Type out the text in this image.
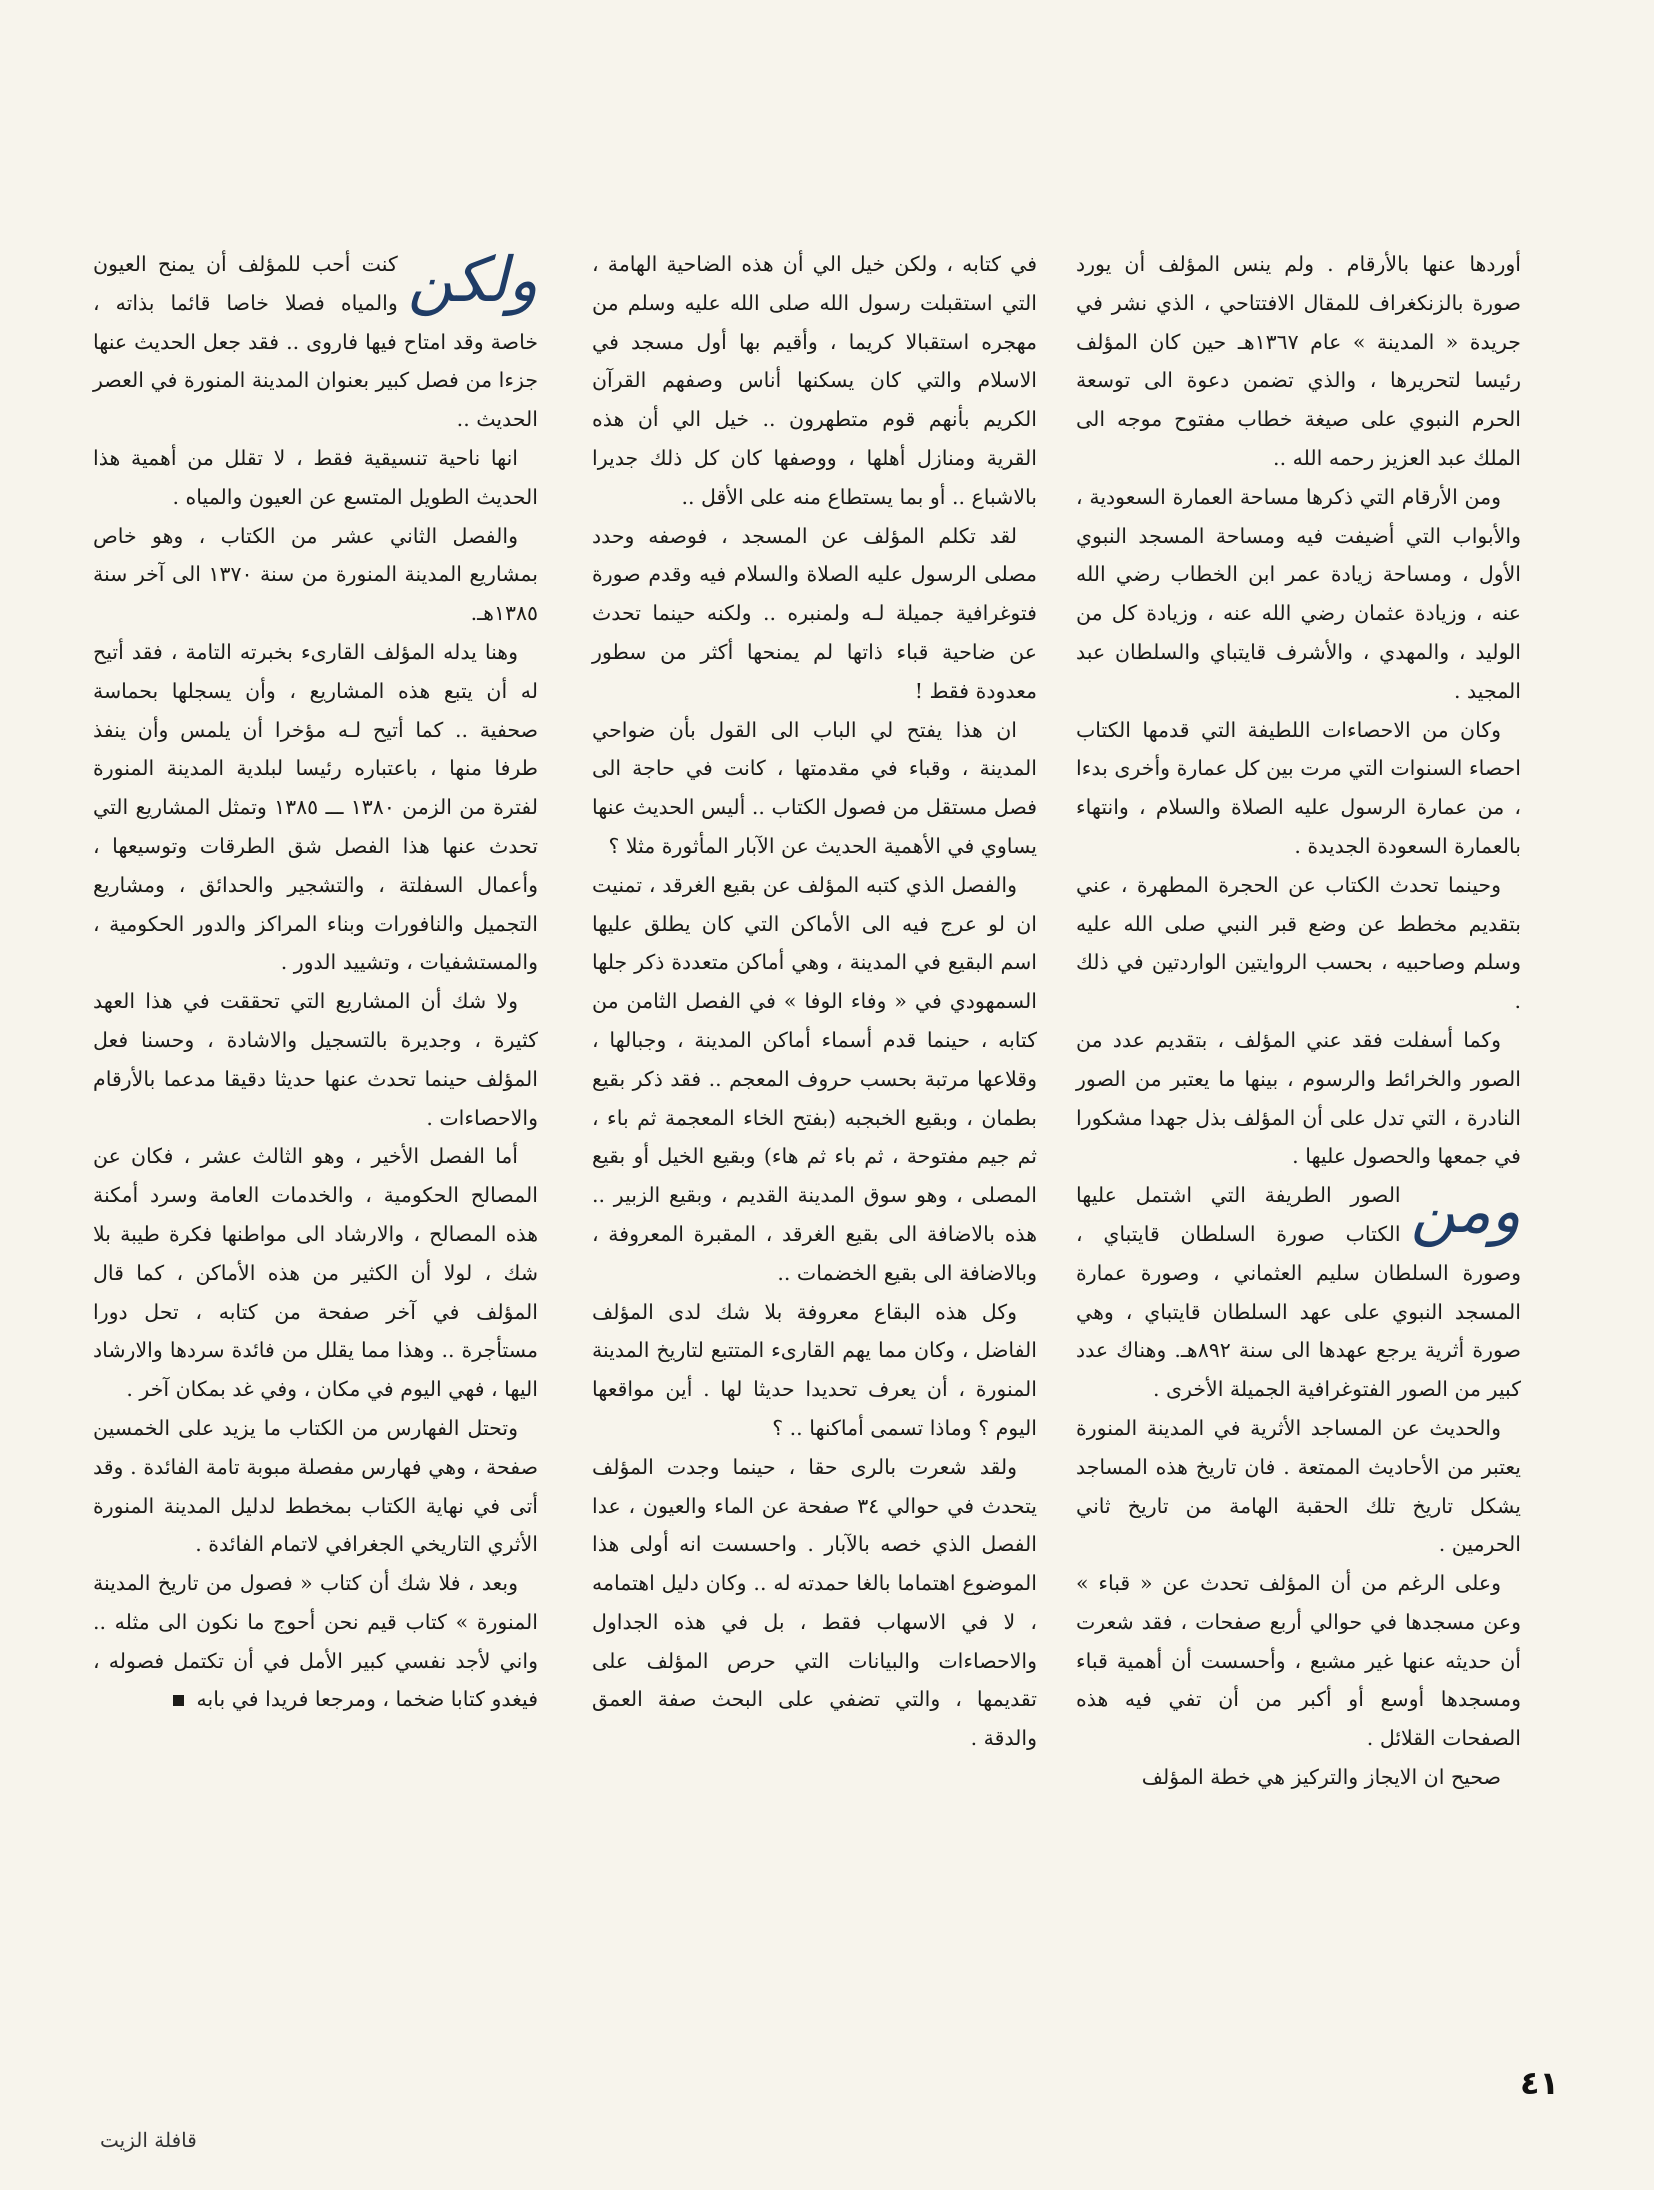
أوردها عنها بالأرقام . ولم ينس المؤلف أن يورد صورة بالزنكغراف للمقال الافتتاحي ، الذي نشر في جريدة « المدينة » عام ١٣٦٧هـ حين كان المؤلف رئيسا لتحريرها ، والذي تضمن دعوة الى توسعة الحرم النبوي على صيغة خطاب مفتوح موجه الى الملك عبد العزيز رحمه الله ..

ومن الأرقام التي ذكرها مساحة العمارة السعودية ، والأبواب التي أضيفت فيه ومساحة المسجد النبوي الأول ، ومساحة زيادة عمر ابن الخطاب رضي الله عنه ، وزيادة عثمان رضي الله عنه ، وزيادة كل من الوليد ، والمهدي ، والأشرف قايتباي والسلطان عبد المجيد .

وكان من الاحصاءات اللطيفة التي قدمها الكتاب احصاء السنوات التي مرت بين كل عمارة وأخرى بدءا ، من عمارة الرسول عليه الصلاة والسلام ، وانتهاء بالعمارة السعودة الجديدة .

وحينما تحدث الكتاب عن الحجرة المطهرة ، عني بتقديم مخطط عن وضع قبر النبي صلى الله عليه وسلم وصاحبيه ، بحسب الروايتين الواردتين في ذلك .

وكما أسفلت فقد عني المؤلف ، بتقديم عدد من الصور والخرائط والرسوم ، بينها ما يعتبر من الصور النادرة ، التي تدل على أن المؤلف بذل جهدا مشكورا في جمعها والحصول عليها .

ومن
الصور الطريفة التي اشتمل عليها الكتاب صورة السلطان قايتباي ، وصورة السلطان سليم العثماني ، وصورة عمارة المسجد النبوي على عهد السلطان قايتباي ، وهي صورة أثرية يرجع عهدها الى سنة ٨٩٢هـ. وهناك عدد كبير من الصور الفتوغرافية الجميلة الأخرى .

والحديث عن المساجد الأثرية في المدينة المنورة يعتبر من الأحاديث الممتعة . فان تاريخ هذه المساجد يشكل تاريخ تلك الحقبة الهامة من تاريخ ثاني الحرمين .

وعلى الرغم من أن المؤلف تحدث عن « قباء » وعن مسجدها في حوالي أربع صفحات ، فقد شعرت أن حديثه عنها غير مشبع ، وأحسست أن أهمية قباء ومسجدها أوسع أو أكبر من أن تفي فيه هذه الصفحات القلائل .

صحيح ان الايجاز والتركيز هي خطة المؤلف

في كتابه ، ولكن خيل الي أن هذه الضاحية الهامة ، التي استقبلت رسول الله صلى الله عليه وسلم من مهجره استقبالا كريما ، وأقيم بها أول مسجد في الاسلام والتي كان يسكنها أناس وصفهم القرآن الكريم بأنهم قوم متطهرون .. خيل الي أن هذه القرية ومنازل أهلها ، ووصفها كان كل ذلك جديرا بالاشباع .. أو بما يستطاع منه على الأقل ..

لقد تكلم المؤلف عن المسجد ، فوصفه وحدد مصلى الرسول عليه الصلاة والسلام فيه وقدم صورة فتوغرافية جميلة لـه ولمنبره .. ولكنه حينما تحدث عن ضاحية قباء ذاتها لم يمنحها أكثر من سطور معدودة فقط !

ان هذا يفتح لي الباب الى القول بأن ضواحي المدينة ، وقباء في مقدمتها ، كانت في حاجة الى فصل مستقل من فصول الكتاب .. أليس الحديث عنها يساوي في الأهمية الحديث عن الآبار المأثورة مثلا ؟

والفصل الذي كتبه المؤلف عن بقيع الغرقد ، تمنيت ان لو عرج فيه الى الأماكن التي كان يطلق عليها اسم البقيع في المدينة ، وهي أماكن متعددة ذكر جلها السمهودي في « وفاء الوفا » في الفصل الثامن من كتابه ، حينما قدم أسماء أماكن المدينة ، وجبالها ، وقلاعها مرتبة بحسب حروف المعجم .. فقد ذكر بقيع بطمان ، وبقيع الخبجبه (بفتح الخاء المعجمة ثم باء ، ثم جيم مفتوحة ، ثم باء ثم هاء) وبقيع الخيل أو بقيع المصلى ، وهو سوق المدينة القديم ، وبقيع الزبير .. هذه بالاضافة الى بقيع الغرقد ، المقبرة المعروفة ، وبالاضافة الى بقيع الخضمات ..

وكل هذه البقاع معروفة بلا شك لدى المؤلف الفاضل ، وكان مما يهم القارىء المتتبع لتاريخ المدينة المنورة ، أن يعرف تحديدا حديثا لها . أين مواقعها اليوم ؟ وماذا تسمى أماكنها .. ؟

ولقد شعرت بالرى حقا ، حينما وجدت المؤلف يتحدث في حوالي ٣٤ صفحة عن الماء والعيون ، عدا الفصل الذي خصه بالآبار . واحسست انه أولى هذا الموضوع اهتماما بالغا حمدته له .. وكان دليل اهتمامه ، لا في الاسهاب فقط ، بل في هذه الجداول والاحصاءات والبيانات التي حرص المؤلف على تقديمها ، والتي تضفي على البحث صفة العمق والدقة .

ولكن
كنت أحب للمؤلف أن يمنح العيون والمياه فصلا خاصا قائما بذاته ، خاصة وقد امتاح فيها فاروى .. فقد جعل الحديث عنها جزءا من فصل كبير بعنوان المدينة المنورة في العصر الحديث ..

انها ناحية تنسيقية فقط ، لا تقلل من أهمية هذا الحديث الطويل المتسع عن العيون والمياه .

والفصل الثاني عشر من الكتاب ، وهو خاص بمشاريع المدينة المنورة من سنة ١٣٧٠ الى آخر سنة ١٣٨٥هـ.

وهنا يدله المؤلف القارىء بخبرته التامة ، فقد أتيح له أن يتبع هذه المشاريع ، وأن يسجلها بحماسة صحفية .. كما أتيح لـه مؤخرا أن يلمس وأن ينفذ طرفا منها ، باعتباره رئيسا لبلدية المدينة المنورة لفترة من الزمن ١٣٨٠ ـــ ١٣٨٥ وتمثل المشاريع التي تحدث عنها هذا الفصل شق الطرقات وتوسيعها ، وأعمال السفلتة ، والتشجير والحدائق ، ومشاريع التجميل والنافورات وبناء المراكز والدور الحكومية ، والمستشفيات ، وتشييد الدور .

ولا شك أن المشاريع التي تحققت في هذا العهد كثيرة ، وجديرة بالتسجيل والاشادة ، وحسنا فعل المؤلف حينما تحدث عنها حديثا دقيقا مدعما بالأرقام والاحصاءات .

أما الفصل الأخير ، وهو الثالث عشر ، فكان عن المصالح الحكومية ، والخدمات العامة وسرد أمكنة هذه المصالح ، والارشاد الى مواطنها فكرة طيبة بلا شك ، لولا أن الكثير من هذه الأماكن ، كما قال المؤلف في آخر صفحة من كتابه ، تحل دورا مستأجرة .. وهذا مما يقلل من فائدة سردها والارشاد اليها ، فهي اليوم في مكان ، وفي غد بمكان آخر .

وتحتل الفهارس من الكتاب ما يزيد على الخمسين صفحة ، وهي فهارس مفصلة مبوبة تامة الفائدة . وقد أتى في نهاية الكتاب بمخطط لدليل المدينة المنورة الأثري التاريخي الجغرافي لاتمام الفائدة .

وبعد ، فلا شك أن كتاب « فصول من تاريخ المدينة المنورة » كتاب قيم نحن أحوج ما نكون الى مثله .. واني لأجد نفسي كبير الأمل في أن تكتمل فصوله ، فيغدو كتابا ضخما ، ومرجعا فريدا في بابه

٤١
قافلة الزيت
